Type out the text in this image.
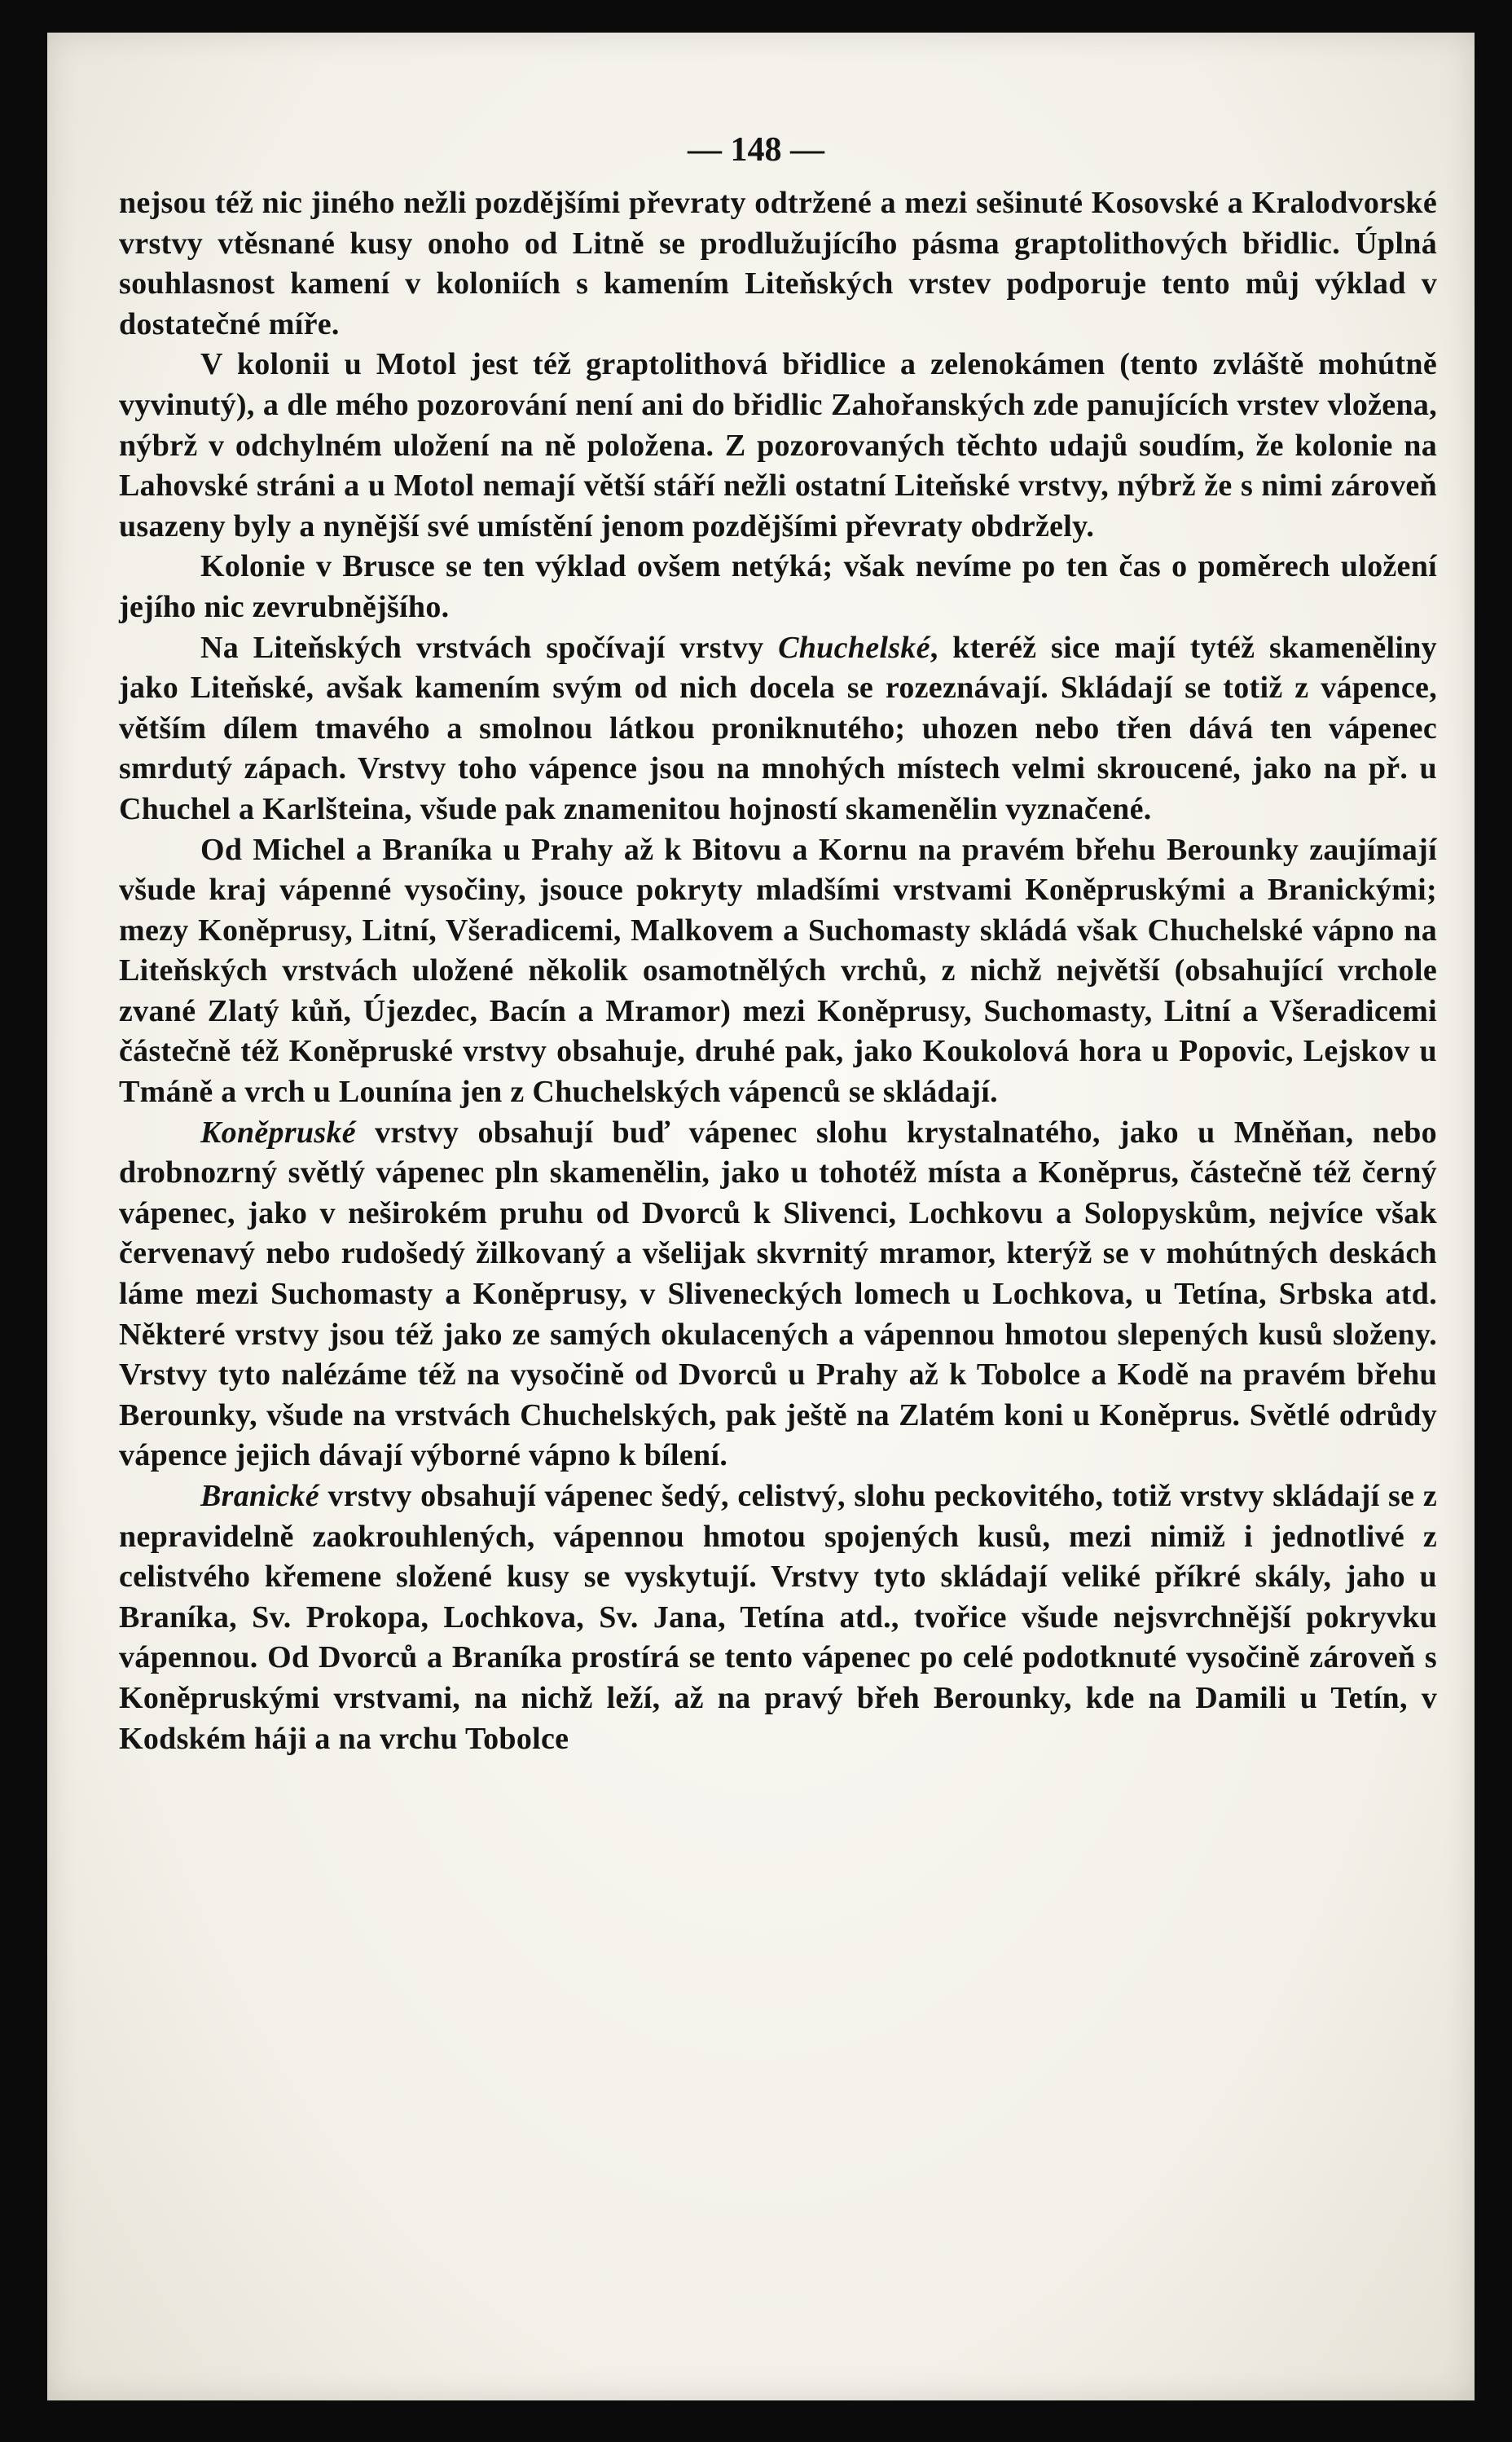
— 148 —

nejsou též nic jiného nežli pozdějšími převraty odtržené a mezi sešinuté Kosovské a Kralodvorské vrstvy vtěsnané kusy onoho od Litně se prodlužujícího pásma graptolithových břidlic. Úplná souhlasnost kamení v koloniích s kamením Liteňských vrstev podporuje tento můj výklad v dostatečné míře.

V kolonii u Motol jest též graptolithová břidlice a zelenokámen (tento zvláště mohútně vyvinutý), a dle mého pozorování není ani do břidlic Zahořanských zde panujících vrstev vložena, nýbrž v odchylném uložení na ně položena. Z pozorovaných těchto udajů soudím, že kolonie na Lahovské stráni a u Motol nemají větší stáří nežli ostatní Liteňské vrstvy, nýbrž že s nimi zároveň usazeny byly a nynější své umístění jenom pozdějšími převraty obdržely.

Kolonie v Brusce se ten výklad ovšem netýká; však nevíme po ten čas o poměrech uložení jejího nic zevrubnějšího.

Na Liteňských vrstvách spočívají vrstvy Chuchelské, kteréž sice mají tytéž skameněliny jako Liteňské, avšak kamením svým od nich docela se rozeznávají. Skládají se totiž z vápence, větším dílem tmavého a smolnou látkou proniknutého; uhozen nebo třen dává ten vápenec smrdutý zápach. Vrstvy toho vápence jsou na mnohých místech velmi skroucené, jako na př. u Chuchel a Karlšteina, všude pak znamenitou hojností skamenělin vyznačené.

Od Michel a Braníka u Prahy až k Bitovu a Kornu na pravém břehu Berounky zaujímají všude kraj vápenné vysočiny, jsouce pokryty mladšími vrstvami Koněpruskými a Branickými; mezy Koněprusy, Litní, Všeradicemi, Malkovem a Suchomasty skládá však Chuchelské vápno na Liteňských vrstvách uložené několik osamotnělých vrchů, z nichž největší (obsahující vrchole zvané Zlatý kůň, Újezdec, Bacín a Mramor) mezi Koněprusy, Suchomasty, Litní a Všeradicemi částečně též Koněpruské vrstvy obsahuje, druhé pak, jako Koukolová hora u Popovic, Lejskov u Tmáně a vrch u Lounína jen z Chuchelských vápenců se skládají.

Koněpruské vrstvy obsahují buď vápenec slohu krystalnatého, jako u Mněňan, nebo drobnozrný světlý vápenec pln skamenělin, jako u tohotéž místa a Koněprus, částečně též černý vápenec, jako v neširokém pruhu od Dvorců k Slivenci, Lochkovu a Solopyskům, nejvíce však červenavý nebo rudošedý žilkovaný a všelijak skvrnitý mramor, kterýž se v mohútných deskách láme mezi Suchomasty a Koněprusy, v Sliveneckých lomech u Lochkova, u Tetína, Srbska atd. Některé vrstvy jsou též jako ze samých okulacených a vápennou hmotou slepených kusů složeny. Vrstvy tyto nalézáme též na vysočině od Dvorců u Prahy až k Tobolce a Kodě na pravém břehu Berounky, všude na vrstvách Chuchelských, pak ještě na Zlatém koni u Koněprus. Světlé odrůdy vápence jejich dávají výborné vápno k bílení.

Branické vrstvy obsahují vápenec šedý, celistvý, slohu peckovitého, totiž vrstvy skládají se z nepravidelně zaokrouhlených, vápennou hmotou spojených kusů, mezi nimiž i jednotlivé z celistvého křemene složené kusy se vyskytují. Vrstvy tyto skládají veliké příkré skály, jaho u Braníka, Sv. Prokopa, Lochkova, Sv. Jana, Tetína atd., tvořice všude nejsvrchnější pokryvku vápennou. Od Dvorců a Braníka prostírá se tento vápenec po celé podotknuté vysočině zároveň s Koněpruskými vrstvami, na nichž leží, až na pravý břeh Berounky, kde na Damili u Tetín, v Kodském háji a na vrchu Tobolce
